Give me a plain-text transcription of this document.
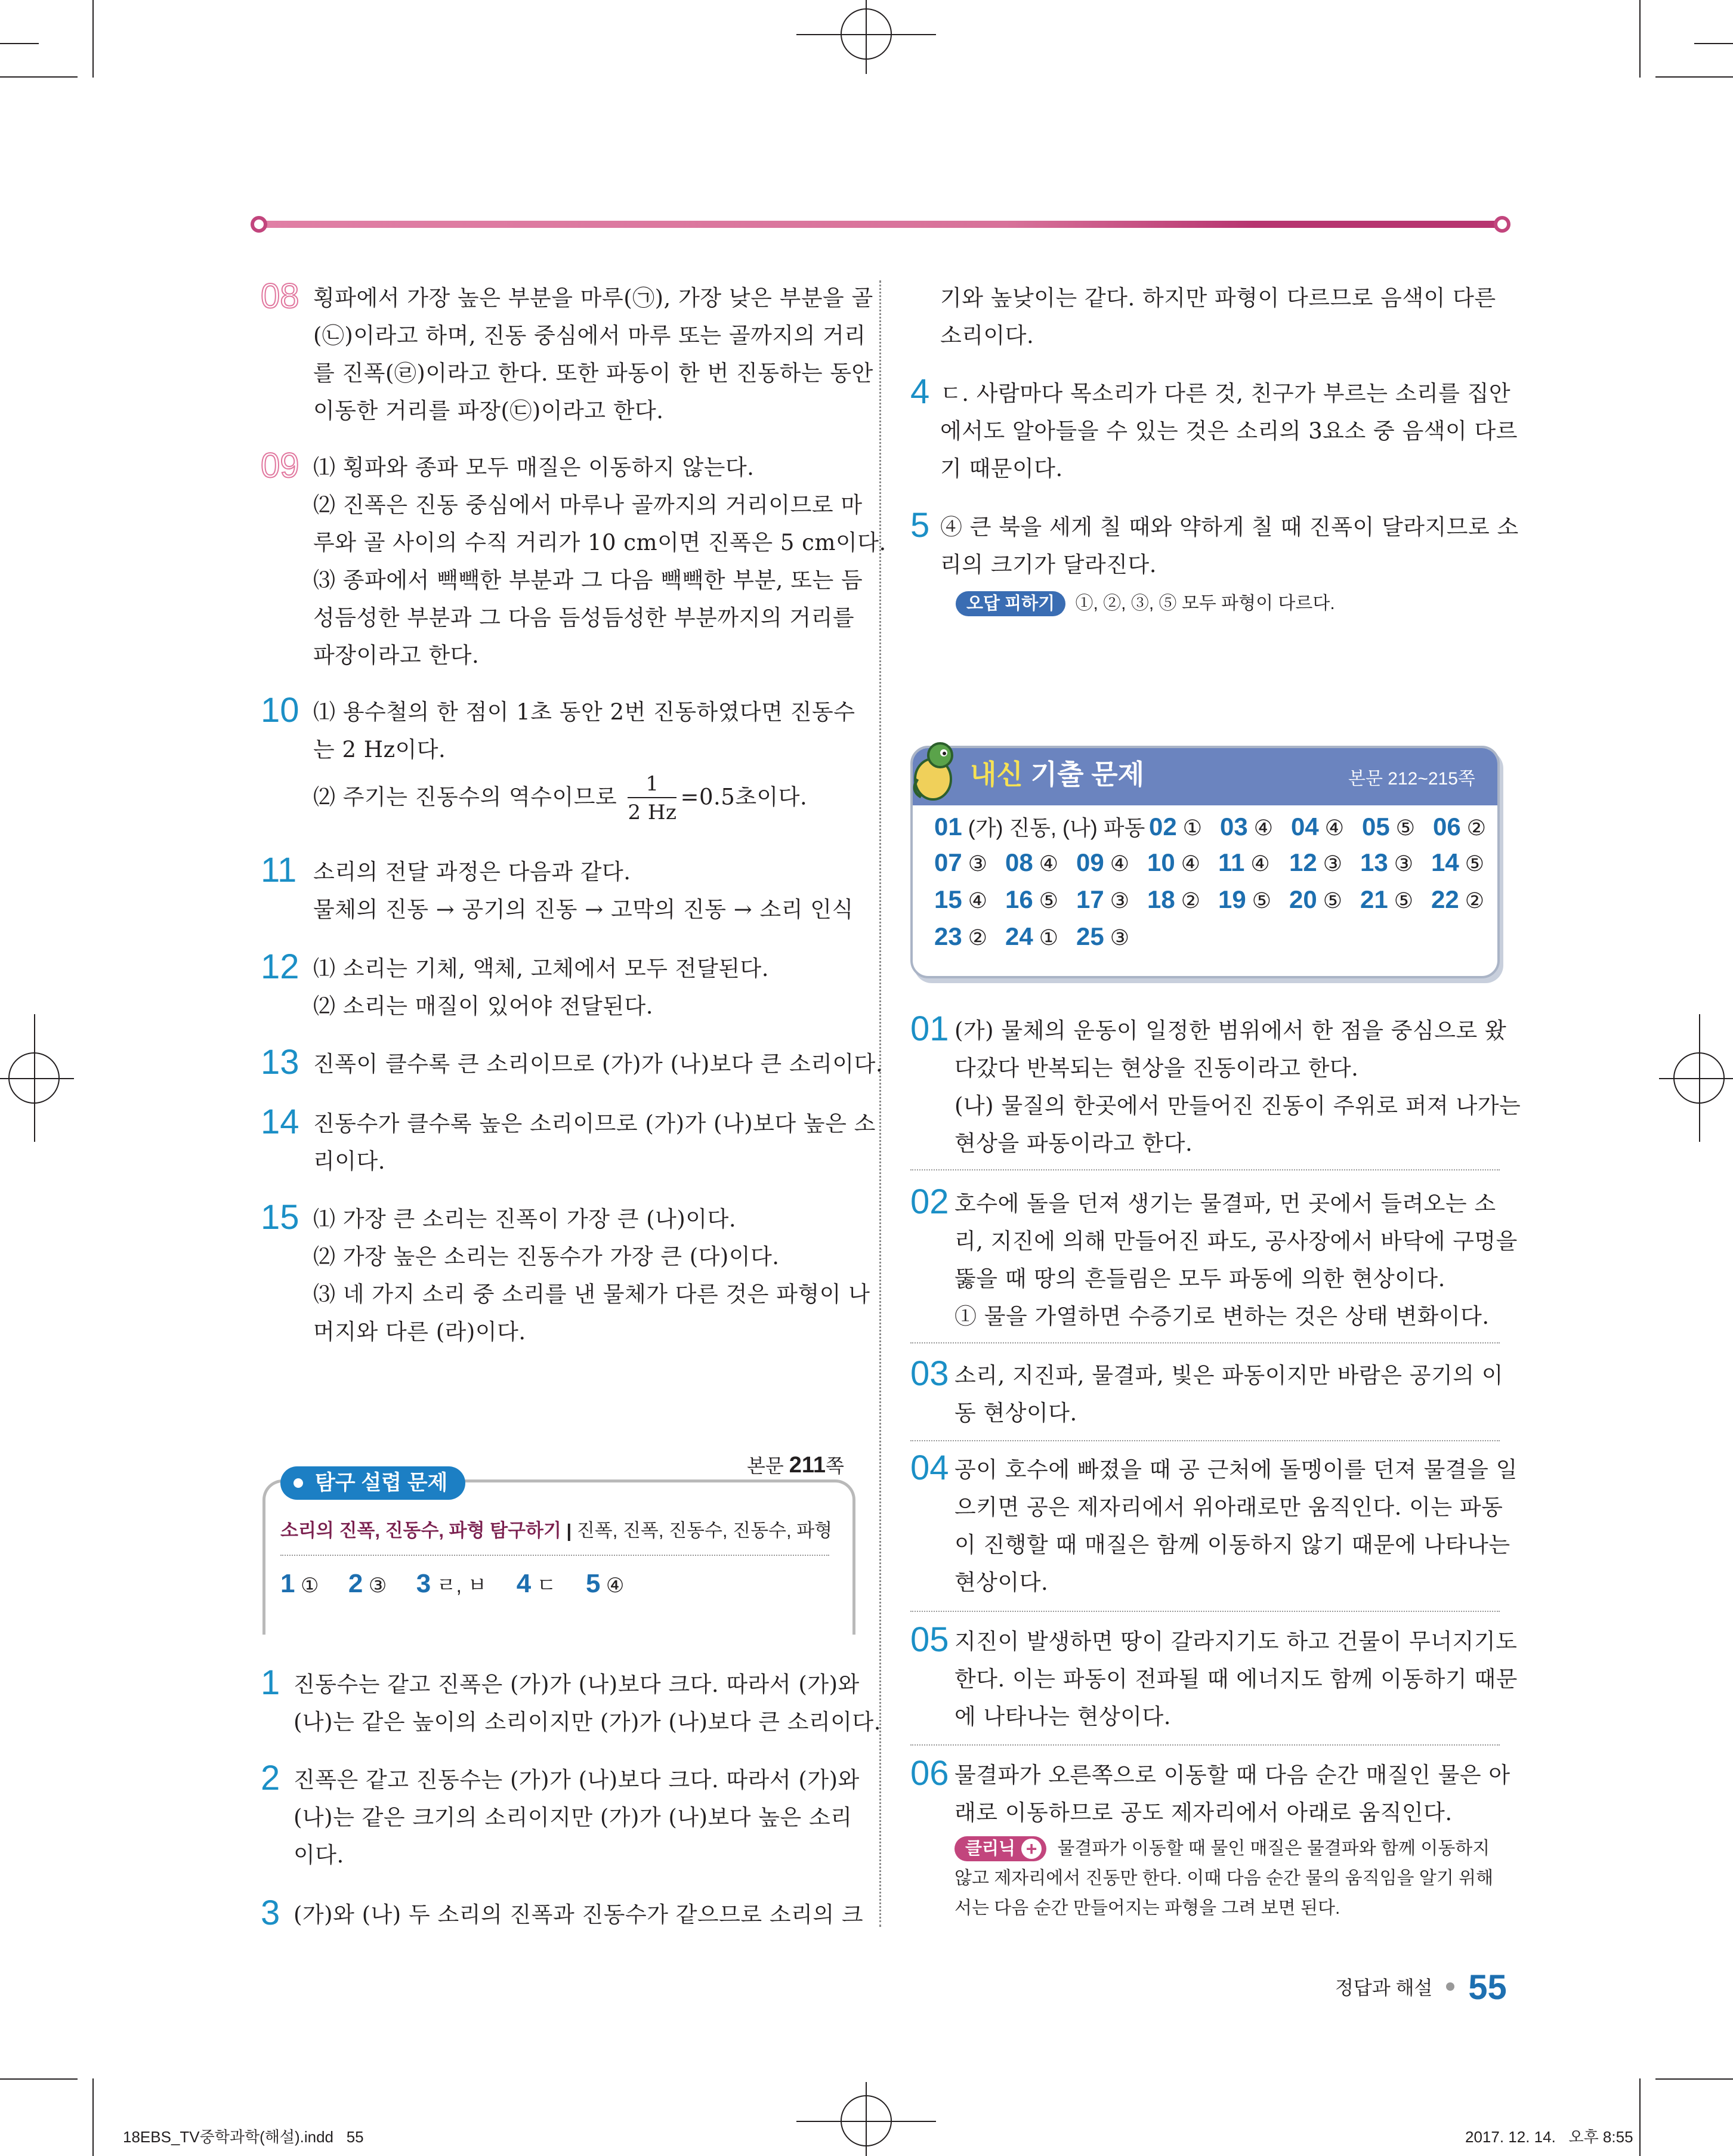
08 횡파에서 가장 높은 부분을 마루(㉠), 가장 낮은 부분을 골

(㉡)이라고 하며, 진동 중심에서 마루 또는 골까지의 거리

를 진폭(㉣)이라고 한다. 또한 파동이 한 번 진동하는 동안

이동한 거리를 파장(㉢)이라고 한다.

09 ⑴ 횡파와 종파 모두 매질은 이동하지 않는다.

⑵ 진폭은 진동 중심에서 마루나 골까지의 거리이므로 마

루와 골 사이의 수직 거리가 10 cm이면 진폭은 5 cm이다.

⑶ 종파에서 빽빽한 부분과 그 다음 빽빽한 부분, 또는 듬

성듬성한 부분과 그 다음 듬성듬성한 부분까지의 거리를

파장이라고 한다.

10 ⑴ 용수철의 한 점이 1초 동안 2번 진동하였다면 진동수

는 2 Hz이다.

⑵ 주기는 진동수의 역수이므로 $\frac{1}{2 Hz} =0.5$초이다.

11 소리의 전달 과정은 다음과 같다.

물체의 진동 → 공기의 진동 → 고막의 진동 → 소리 인식

12 ⑴ 소리는 기체, 액체, 고체에서 모두 전달된다.

⑵ 소리는 매질이 있어야 전달된다.

13 진폭이 클수록 큰 소리이므로 (가)가 (나)보다 큰 소리이다.

14 진동수가 클수록 높은 소리이므로 (가)가 (나)보다 높은 소

리이다.

15 ⑴ 가장 큰 소리는 진폭이 가장 큰 (나)이다.

⑵ 가장 높은 소리는 진동수가 가장 큰 (다)이다.

⑶ 네 가지 소리 중 소리를 낸 물체가 다른 것은 파형이 나

머지와 다른 (라)이다.

본문 211쪽
탐구 설렵 문제
소리의 진폭, 진동수, 파형 탐구하기 | 진폭, 진폭, 진동수, 진동수, 파형
1 ① 2 ③ 3 ㄹ, ㅂ 4 ㄷ 5 ④
1 진동수는 같고 진폭은 (가)가 (나)보다 크다. 따라서 (가)와

(나)는 같은 높이의 소리이지만 (가)가 (나)보다 큰 소리이다.

2 진폭은 같고 진동수는 (가)가 (나)보다 크다. 따라서 (가)와

(나)는 같은 크기의 소리이지만 (가)가 (나)보다 높은 소리

이다.

3 (가)와 (나) 두 소리의 진폭과 진동수가 같으므로 소리의 크

기와 높낮이는 같다. 하지만 파형이 다르므로 음색이 다른

소리이다.

4 ㄷ. 사람마다 목소리가 다른 것, 친구가 부르는 소리를 집안

에서도 알아들을 수 있는 것은 소리의 3요소 중 음색이 다르

기 때문이다.

5 ④ 큰 북을 세게 칠 때와 약하게 칠 때 진폭이 달라지므로 소

리의 크기가 달라진다.

오답 피하기 ①, ②, ③, ⑤ 모두 파형이 다르다.
내신 기출 문제	본문 212~215쪽
01 (가) 진동, (나) 파동 02 ① 03 ④ 04 ④ 05 ⑤ 06 ②
07 ③ 08 ④ 09 ④ 10 ④ 11 ④ 12 ③ 13 ③ 14 ⑤
15 ④ 16 ⑤ 17 ③ 18 ② 19 ⑤ 20 ⑤ 21 ⑤ 22 ②
23 ② 24 ① 25 ③
01 (가) 물체의 운동이 일정한 범위에서 한 점을 중심으로 왔

다갔다 반복되는 현상을 진동이라고 한다.

(나) 물질의 한곳에서 만들어진 진동이 주위로 퍼져 나가는

현상을 파동이라고 한다.

02 호수에 돌을 던져 생기는 물결파, 먼 곳에서 들려오는 소

리, 지진에 의해 만들어진 파도, 공사장에서 바닥에 구멍을

뚫을 때 땅의 흔들림은 모두 파동에 의한 현상이다.

① 물을 가열하면 수증기로 변하는 것은 상태 변화이다.

03 소리, 지진파, 물결파, 빛은 파동이지만 바람은 공기의 이

동 현상이다.

04 공이 호수에 빠졌을 때 공 근처에 돌멩이를 던져 물결을 일

으키면 공은 제자리에서 위아래로만 움직인다. 이는 파동

이 진행할 때 매질은 함께 이동하지 않기 때문에 나타나는

현상이다.

05 지진이 발생하면 땅이 갈라지기도 하고 건물이 무너지기도

한다. 이는 파동이 전파될 때 에너지도 함께 이동하기 때문

에 나타나는 현상이다.

06 물결파가 오른쪽으로 이동할 때 다음 순간 매질인 물은 아

래로 이동하므로 공도 제자리에서 아래로 움직인다.

클리닉 + 물결파가 이동할 때 물인 매질은 물결파와 함께 이동하지

않고 제자리에서 진동만 한다. 이때 다음 순간 물의 움직임을 알기 위해

서는 다음 순간 만들어지는 파형을 그려 보면 된다.

정답과 해설 55
18EBS_TV중학과학(해설).indd   55	2017. 12. 14.   오후 8:55
